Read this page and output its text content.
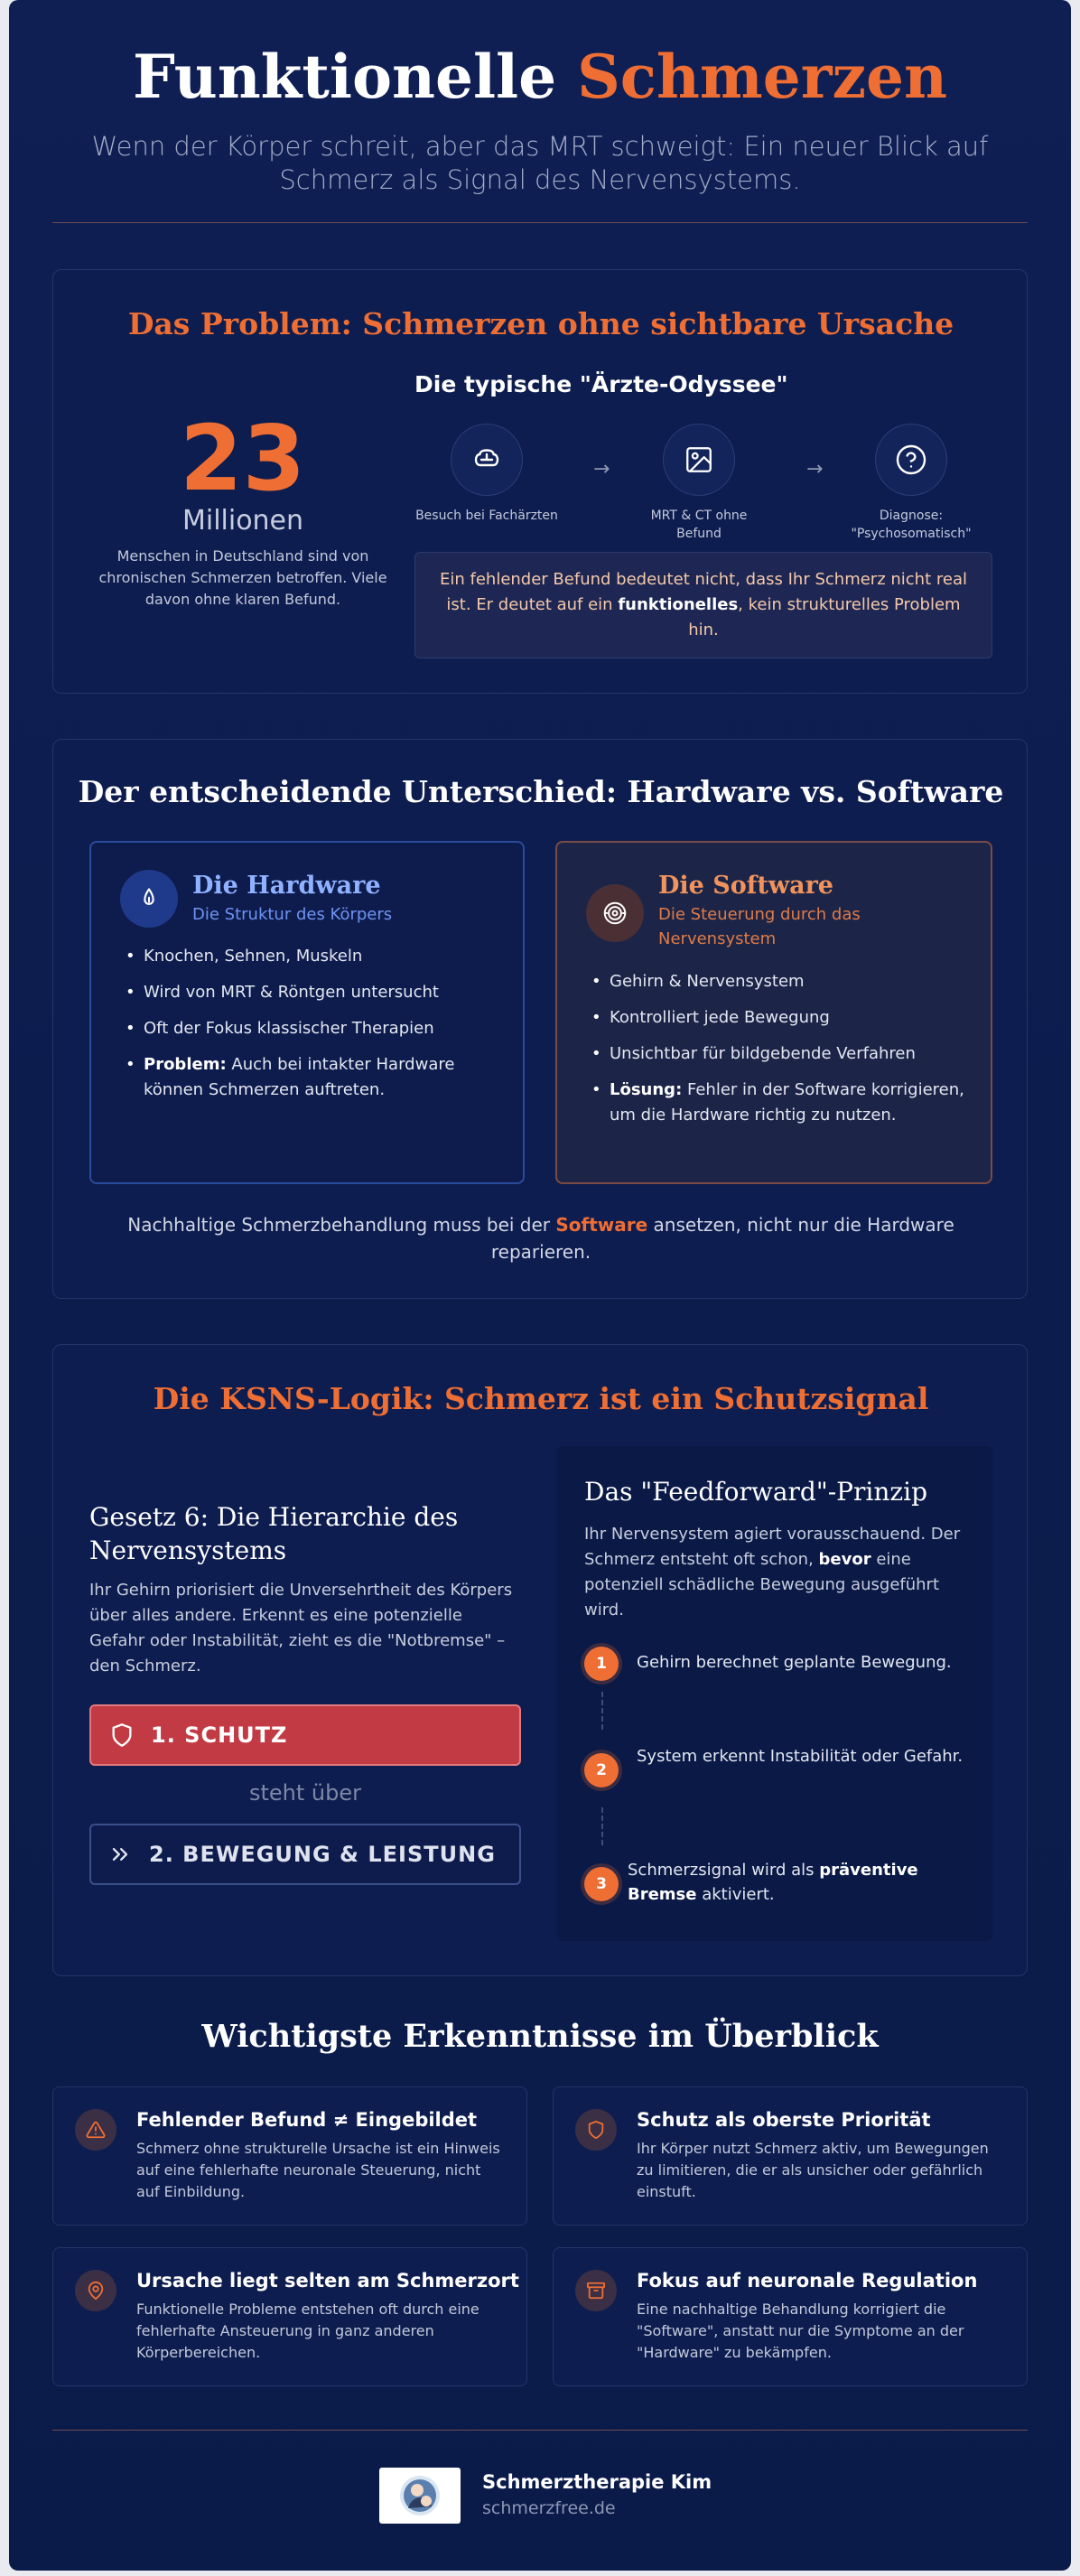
Funktionelle Schmerzen

Wenn der Körper schreit, aber das MRT schweigt: Ein neuer Blick auf Schmerz als Signal des Nervensystems.

Das Problem: Schmerzen ohne sichtbare Ursache
23
Millionen
Menschen in Deutschland sind von chronischen Schmerzen betroffen. Viele davon ohne klaren Befund.
Die typische "Ärzte-Odyssee"
Besuch bei Fachärzten
→
MRT & CT ohne Befund
→
Diagnose: "Psychosomatisch"
Ein fehlender Befund bedeutet nicht, dass Ihr Schmerz nicht real ist. Er deutet auf ein funktionelles, kein strukturelles Problem hin.
Der entscheidende Unterschied: Hardware vs. Software
Die Hardware
Die Struktur des Körpers
• Knochen, Sehnen, Muskeln
• Wird von MRT & Röntgen untersucht
• Oft der Fokus klassischer Therapien
• Problem: Auch bei intakter Hardware können Schmerzen auftreten.
Die Software
Die Steuerung durch das Nervensystem
• Gehirn & Nervensystem
• Kontrolliert jede Bewegung
• Unsichtbar für bildgebende Verfahren
• Lösung: Fehler in der Software korrigieren, um die Hardware richtig zu nutzen.
Nachhaltige Schmerzbehandlung muss bei der Software ansetzen, nicht nur die Hardware reparieren.
Die KSNS-Logik: Schmerz ist ein Schutzsignal
Gesetz 6: Die Hierarchie des Nervensystems
Ihr Gehirn priorisiert die Unversehrtheit des Körpers über alles andere. Erkennt es eine potenzielle Gefahr oder Instabilität, zieht es die "Notbremse" – den Schmerz.
1. SCHUTZ
steht über
2. BEWEGUNG & LEISTUNG
Das "Feedforward"-Prinzip
Ihr Nervensystem agiert vorausschauend. Der Schmerz entsteht oft schon, bevor eine potenziell schädliche Bewegung ausgeführt wird.
1	Gehirn berechnet geplante Bewegung.
2
System erkennt Instabilität oder Gefahr.
3
Schmerzsignal wird als präventive Bremse aktiviert.
Wichtigste Erkenntnisse im Überblick
Fehlender Befund ≠ Eingebildet

Schmerz ohne strukturelle Ursache ist ein Hinweis auf eine fehlerhafte neuronale Steuerung, nicht auf Einbildung.

Schutz als oberste Priorität

Ihr Körper nutzt Schmerz aktiv, um Bewegungen zu limitieren, die er als unsicher oder gefährlich einstuft.

Ursache liegt selten am Schmerzort

Funktionelle Probleme entstehen oft durch eine fehlerhafte Ansteuerung in ganz anderen Körperbereichen.

Fokus auf neuronale Regulation

Eine nachhaltige Behandlung korrigiert die "Software", anstatt nur die Symptome an der "Hardware" zu bekämpfen.

Schmerztherapie Kim
schmerzfree.de
